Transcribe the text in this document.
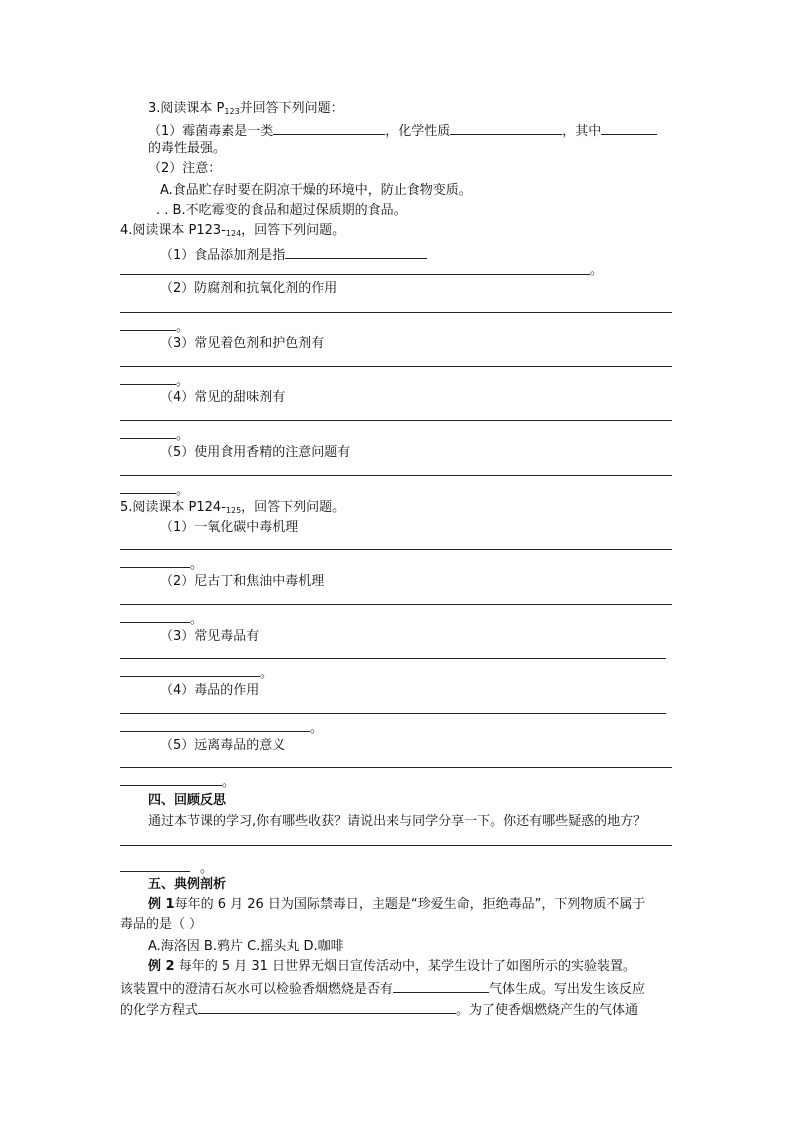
3.阅读课本 $P_{123}$并回答下列问题：
（1）霉菌毒素是一类	，化学性质	，其中
的毒性最强。
（2）注意：
A.食品贮存时要在阴凉干燥的环境中，防止食物变质。
. . B.不吃霉变的食品和超过保质期的食品。
4.阅读课本 $P123-_{124}$，回答下列问题。
（1）食品添加剂是指
。
（2）防腐剂和抗氧化剂的作用
。
（3）常见着色剂和护色剂有
。
（4）常见的甜味剂有
。
（5）使用食用香精的注意问题有
。
5.阅读课本 $P124-_{125}$，回答下列问题。
（1）一氧化碳中毒机理
。
（2）尼古丁和焦油中毒机理
。
（3）常见毒品有
。
（4）毒品的作用
。
（5）远离毒品的意义
。
四、回顾反思
通过本节课的学习,你有哪些收获？请说出来与同学分享一下。你还有哪些疑惑的地方？
。
五、典例剖析
例 1每年的 6 月 26 日为国际禁毒日，主题是“珍爱生命，拒绝毒品”，下列物质不属于
毒品的是（ ）
A.海洛因 B.鸦片 C.摇头丸 D.咖啡
例 2 每年的 5 月 31 日世界无烟日宣传活动中，某学生设计了如图所示的实验装置。
该装置中的澄清石灰水可以检验香烟燃烧是否有	气体生成。写出发生该反应
的化学方程式	。为了使香烟燃烧产生的气体通
